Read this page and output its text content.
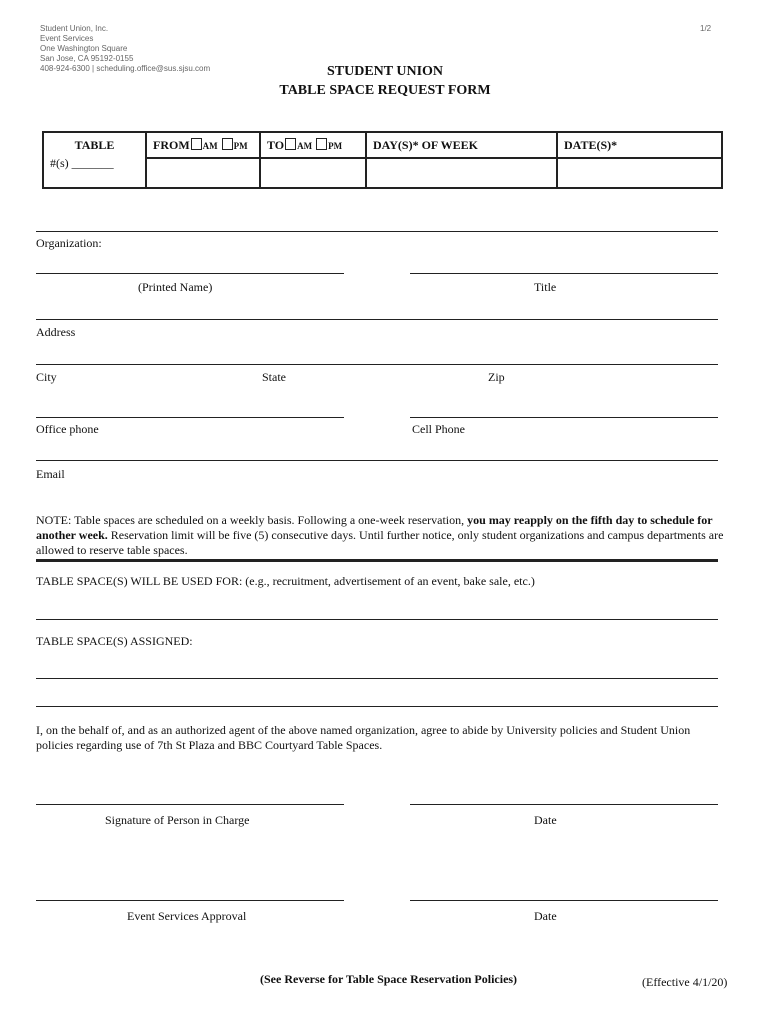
Student Union, Inc.
Event Services
One Washington Square
San Jose, CA 95192-0155
408-924-6300 | scheduling.office@sus.sjsu.com
1/2
STUDENT UNION
TABLE SPACE REQUEST FORM
TABLE
#(s) _______	FROM AM PM	TO AM PM	DAY(S)* OF WEEK	DATE(S)*

Organization:
(Printed Name)	Title
Address
City	State	Zip
Office phone	Cell Phone
Email
NOTE: Table spaces are scheduled on a weekly basis. Following a one-week reservation, you may reapply on the fifth day to schedule for another week. Reservation limit will be five (5) consecutive days. Until further notice, only student organizations and campus departments are allowed to reserve table spaces.
TABLE SPACE(S) WILL BE USED FOR: (e.g., recruitment, advertisement of an event, bake sale, etc.)
TABLE SPACE(S) ASSIGNED:
I, on the behalf of, and as an authorized agent of the above named organization, agree to abide by University policies and Student Union policies regarding use of 7th St Plaza and BBC Courtyard Table Spaces.
Signature of Person in Charge	Date
Event Services Approval	Date
(See Reverse for Table Space Reservation Policies)	(Effective 4/1/20)
